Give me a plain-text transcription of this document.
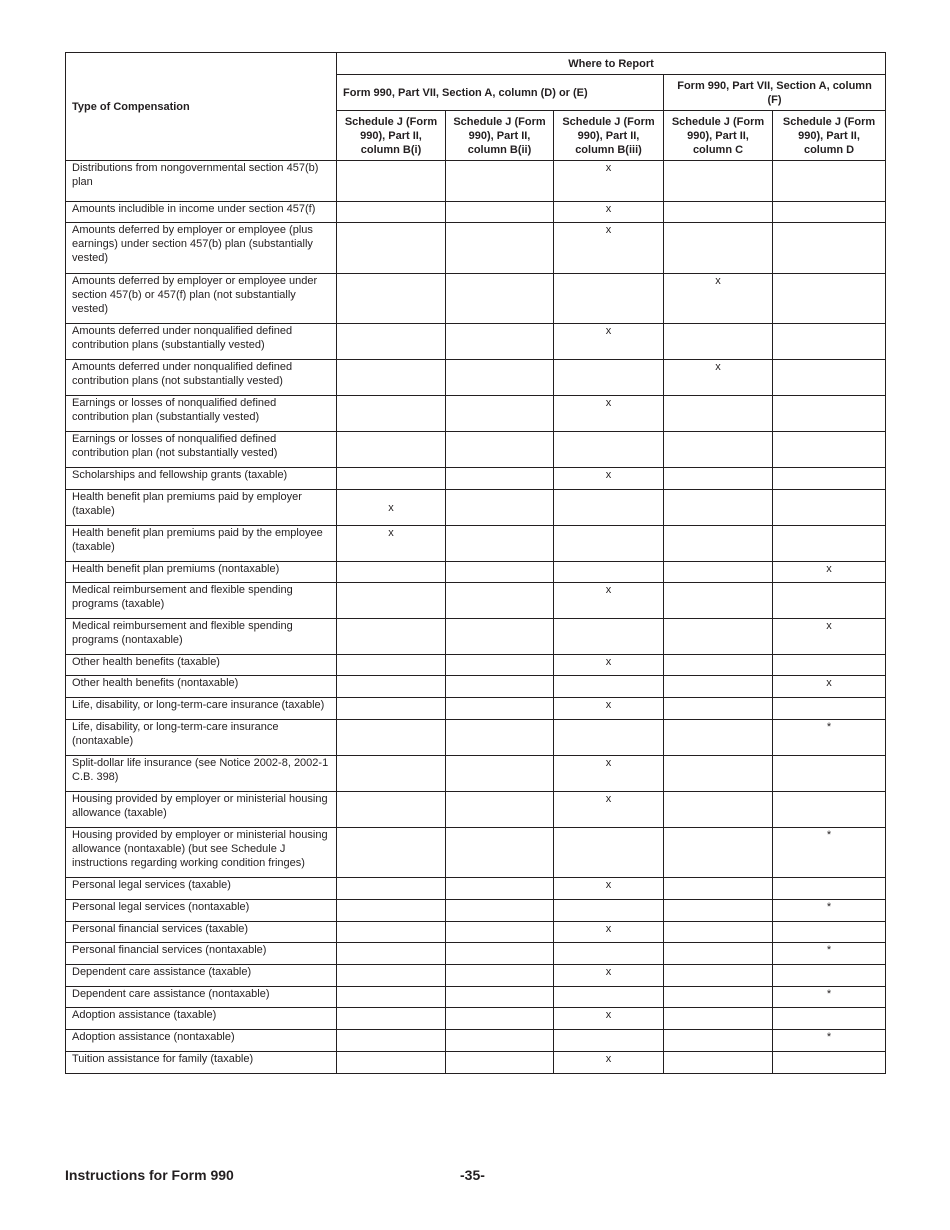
Type of Compensation	Where to Report				
	Form 990, Part VII, Section A, column (D) or (E)			Form 990, Part VII, Section A, column (F)	
	Schedule J (Form 990), Part II, column B(i)	Schedule J (Form 990), Part II, column B(ii)	Schedule J (Form 990), Part II, column B(iii)	Schedule J (Form 990), Part II, column C	Schedule J (Form 990), Part II, column D
Distributions from nongovernmental section 457(b) plan			x		
Amounts includible in income under section 457(f)			x		
Amounts deferred by employer or employee (plus earnings) under section 457(b) plan (substantially vested)			x		
Amounts deferred by employer or employee under section 457(b) or 457(f) plan (not substantially vested)				x	
Amounts deferred under nonqualified defined contribution plans (substantially vested)			x		
Amounts deferred under nonqualified defined contribution plans (not substantially vested)				x	
Earnings or losses of nonqualified defined contribution plan (substantially vested)			x		
Earnings or losses of nonqualified defined contribution plan (not substantially vested)					
Scholarships and fellowship grants (taxable)			x		
Health benefit plan premiums paid by employer (taxable)	x				
Health benefit plan premiums paid by the employee (taxable)	x				
Health benefit plan premiums (nontaxable)					x
Medical reimbursement and flexible spending programs (taxable)			x		
Medical reimbursement and flexible spending programs (nontaxable)					x
Other health benefits (taxable)			x		
Other health benefits (nontaxable)					x
Life, disability, or long-term-care insurance (taxable)			x		
Life, disability, or long-term-care insurance (nontaxable)					*
Split-dollar life insurance (see Notice 2002-8, 2002-1 C.B. 398)			x		
Housing provided by employer or ministerial housing allowance (taxable)			x		
Housing provided by employer or ministerial housing allowance (nontaxable) (but see Schedule J instructions regarding working condition fringes)					*
Personal legal services (taxable)			x		
Personal legal services (nontaxable)					*
Personal financial services (taxable)			x		
Personal financial services (nontaxable)					*
Dependent care assistance (taxable)			x		
Dependent care assistance (nontaxable)					*
Adoption assistance (taxable)			x		
Adoption assistance (nontaxable)					*
Tuition assistance for family (taxable)			x		
Instructions for Form 990	-35-
